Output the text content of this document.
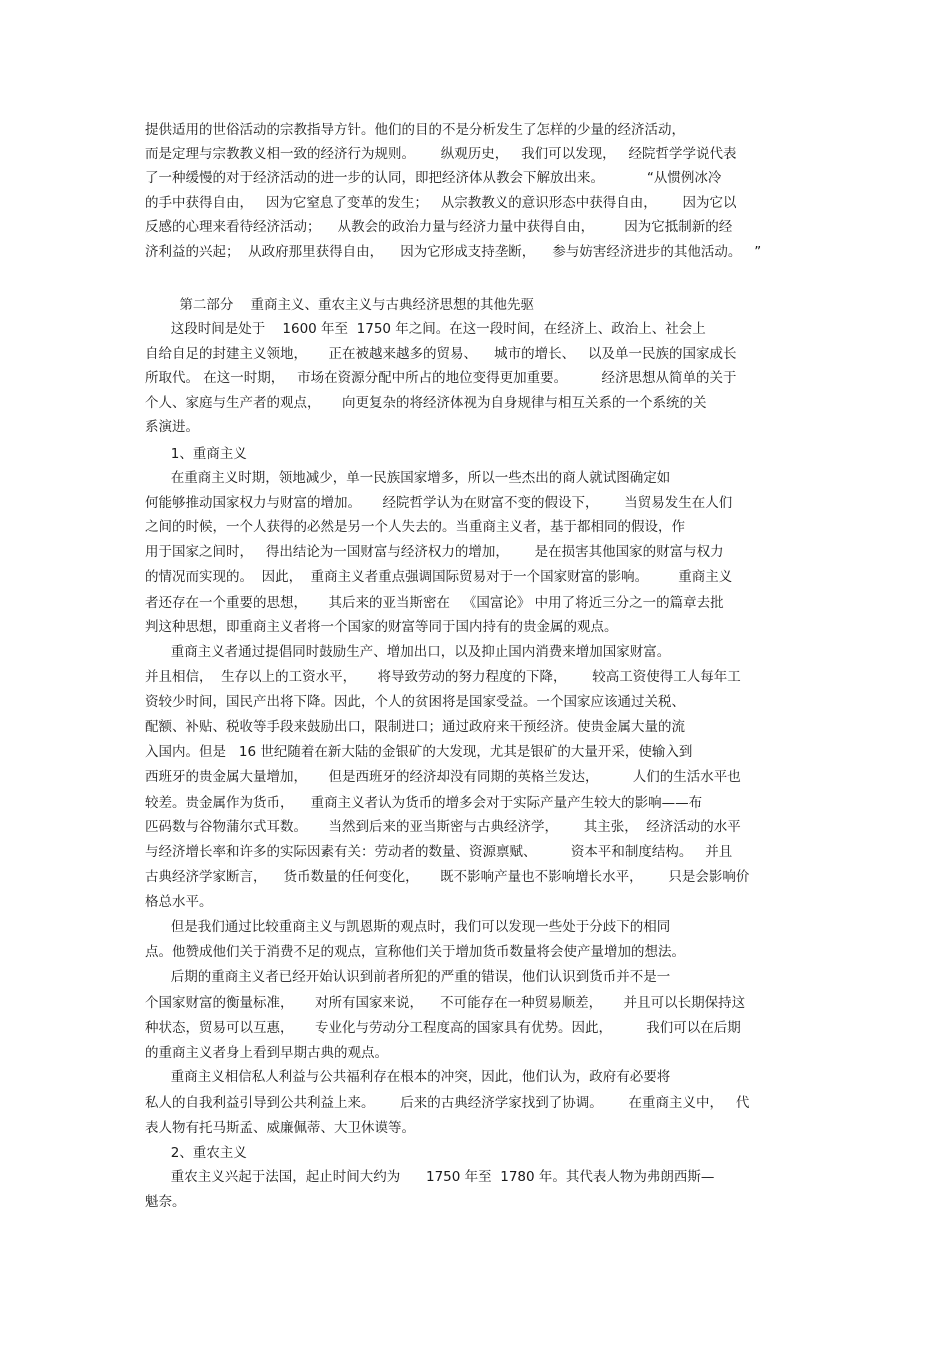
提供适用的世俗活动的宗教指导方针。他们的目的不是分析发生了怎样的少量的经济活动，
而是定理与宗教教义相一致的经济行为规则。      纵观历史，   我们可以发现，   经院哲学学说代表
了一种缓慢的对于经济活动的进一步的认同，即把经济体从教会下解放出来。          “从惯例冰冷
的手中获得自由，   因为它窒息了变革的发生；   从宗教教义的意识形态中获得自由，      因为它以
反感的心理来看待经济活动；    从教会的政治力量与经济力量中获得自由，       因为它抵制新的经
济利益的兴起；  从政府那里获得自由，    因为它形成支持垄断，    参与妨害经济进步的其他活动。   ”
第二部分    重商主义、重农主义与古典经济思想的其他先驱
这段时间是处于    1600 年至  1750 年之间。在这一段时间，在经济上、政治上、社会上
自给自足的封建主义领地，     正在被越来越多的贸易、    城市的增长、   以及单一民族的国家成长
所取代。 在这一时期，   市场在资源分配中所占的地位变得更加重要。        经济思想从简单的关于
个人、家庭与生产者的观点，     向更复杂的将经济体视为自身规律与相互关系的一个系统的关
系演进。
1、重商主义
在重商主义时期，领地减少，单一民族国家增多，所以一些杰出的商人就试图确定如
何能够推动国家权力与财富的增加。     经院哲学认为在财富不变的假设下，      当贸易发生在人们
之间的时候，一个人获得的必然是另一个人失去的。当重商主义者，基于都相同的假设，作
用于国家之间时，   得出结论为一国财富与经济权力的增加，      是在损害其他国家的财富与权力
的情况而实现的。  因此，  重商主义者重点强调国际贸易对于一个国家财富的影响。       重商主义
者还存在一个重要的思想，     其后来的亚当斯密在   《国富论》 中用了将近三分之一的篇章去批
判这种思想，即重商主义者将一个国家的财富等同于国内持有的贵金属的观点。
重商主义者通过提倡同时鼓励生产、增加出口，以及抑止国内消费来增加国家财富。
并且相信，  生存以上的工资水平，     将导致劳动的努力程度的下降，      较高工资使得工人每年工
资较少时间，国民产出将下降。因此，个人的贫困将是国家受益。一个国家应该通过关税、
配额、补贴、税收等手段来鼓励出口，限制进口；通过政府来干预经济。使贵金属大量的流
入国内。但是   16 世纪随着在新大陆的金银矿的大发现，尤其是银矿的大量开采，使输入到
西班牙的贵金属大量增加，     但是西班牙的经济却没有同期的英格兰发达，        人们的生活水平也
较差。贵金属作为货币，    重商主义者认为货币的增多会对于实际产量产生较大的影响——布
匹码数与谷物蒲尔式耳数。     当然到后来的亚当斯密与古典经济学，      其主张，  经济活动的水平
与经济增长率和许多的实际因素有关：劳动者的数量、资源禀赋、        资本平和制度结构。   并且
古典经济学家断言，    货币数量的任何变化，     既不影响产量也不影响增长水平，      只是会影响价
格总水平。
但是我们通过比较重商主义与凯恩斯的观点时，我们可以发现一些处于分歧下的相同
点。他赞成他们关于消费不足的观点，宣称他们关于增加货币数量将会使产量增加的想法。
后期的重商主义者已经开始认识到前者所犯的严重的错误，他们认识到货币并不是一
个国家财富的衡量标准，     对所有国家来说，    不可能存在一种贸易顺差，     并且可以长期保持这
种状态，贸易可以互惠，     专业化与劳动分工程度高的国家具有优势。因此，        我们可以在后期
的重商主义者身上看到早期古典的观点。
重商主义相信私人利益与公共福利存在根本的冲突，因此，他们认为，政府有必要将
私人的自我利益引导到公共利益上来。      后来的古典经济学家找到了协调。      在重商主义中，   代
表人物有托马斯孟、威廉佩蒂、大卫休谟等。
2、重农主义
重农主义兴起于法国，起止时间大约为      1750 年至  1780 年。其代表人物为弗朗西斯—
魁奈。
